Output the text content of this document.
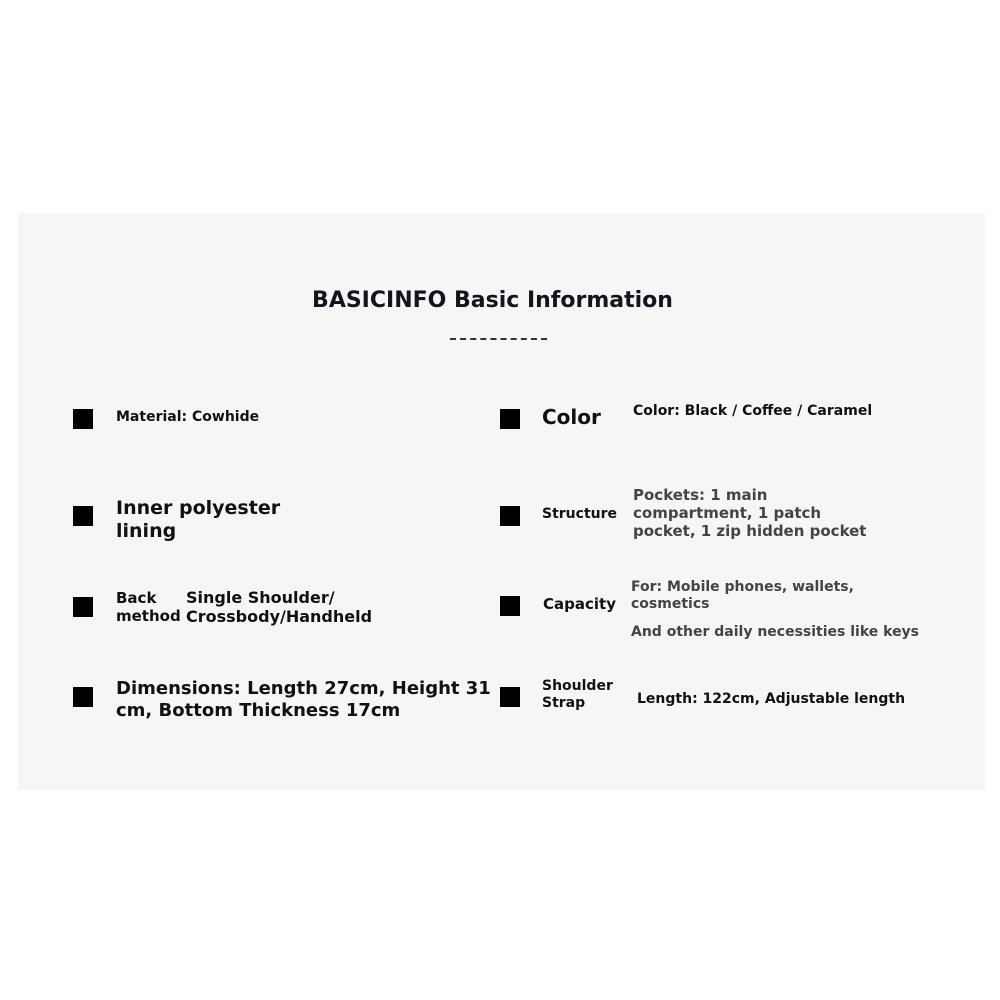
BASICINFO Basic Information
Material: Cowhide
Inner polyester
lining
Back
method
Single Shoulder/
Crossbody/Handheld
Dimensions: Length 27cm, Height 31
cm, Bottom Thickness 17cm
Color Color: Black / Coffee / Caramel
Structure
Pockets: 1 main
compartment, 1 patch
pocket, 1 zip hidden pocket
Capacity
For: Mobile phones, wallets,
cosmetics
And other daily necessities like keys
Shoulder
Strap	Length: 122cm, Adjustable length
